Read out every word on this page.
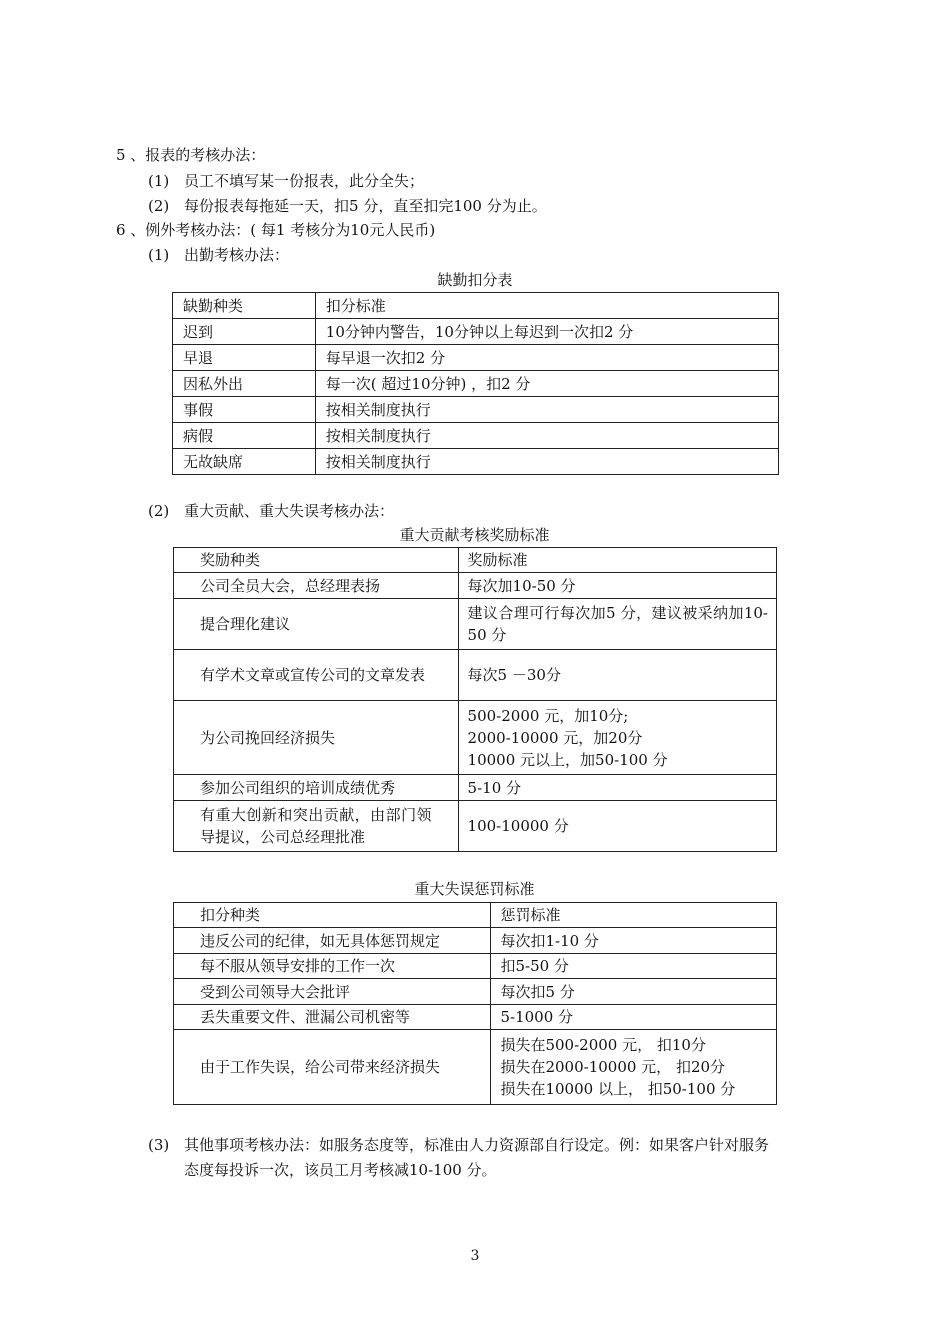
5 、报表的考核办法：
(1) 员工不填写某一份报表，此分全失；
(2) 每份报表每拖延一天，扣5 分，直至扣完100 分为止。
6 、例外考核办法：( 每1 考核分为10元人民币)
(1) 出勤考核办法：
缺勤扣分表
缺勤种类	扣分标准
迟到	10分钟内警告，10分钟以上每迟到一次扣2 分
早退	每早退一次扣2 分
因私外出	每一次( 超过10分钟) ，扣2 分
事假	按相关制度执行
病假	按相关制度执行
无故缺席	按相关制度执行
(2) 重大贡献、重大失误考核办法：
重大贡献考核奖励标准
奖励种类	奖励标准
公司全员大会，总经理表扬	每次加10-50 分
提合理化建议	建议合理可行每次加5 分，建议被采纳加10-50 分
有学术文章或宣传公司的文章发表	每次5 －30分
为公司挽回经济损失	500-2000 元，加10分;
2000-10000 元，加20分
10000 元以上，加50-100 分

参加公司组织的培训成绩优秀	5-10 分
有重大创新和突出贡献，由部门领导提议，公司总经理批准	100-10000 分
重大失误惩罚标准
扣分种类	惩罚标准
违反公司的纪律，如无具体惩罚规定	每次扣1-10 分
每不服从领导安排的工作一次	扣5-50 分
受到公司领导大会批评	每次扣5 分
丢失重要文件、泄漏公司机密等	5-1000 分
由于工作失误，给公司带来经济损失	损失在500-2000 元， 扣10分
损失在2000-10000 元， 扣20分
损失在10000 以上， 扣50-100 分
(3) 其他事项考核办法：如服务态度等，标准由人力资源部自行设定。例：如果客户针对服务
态度每投诉一次，该员工月考核减10-100 分。
3
